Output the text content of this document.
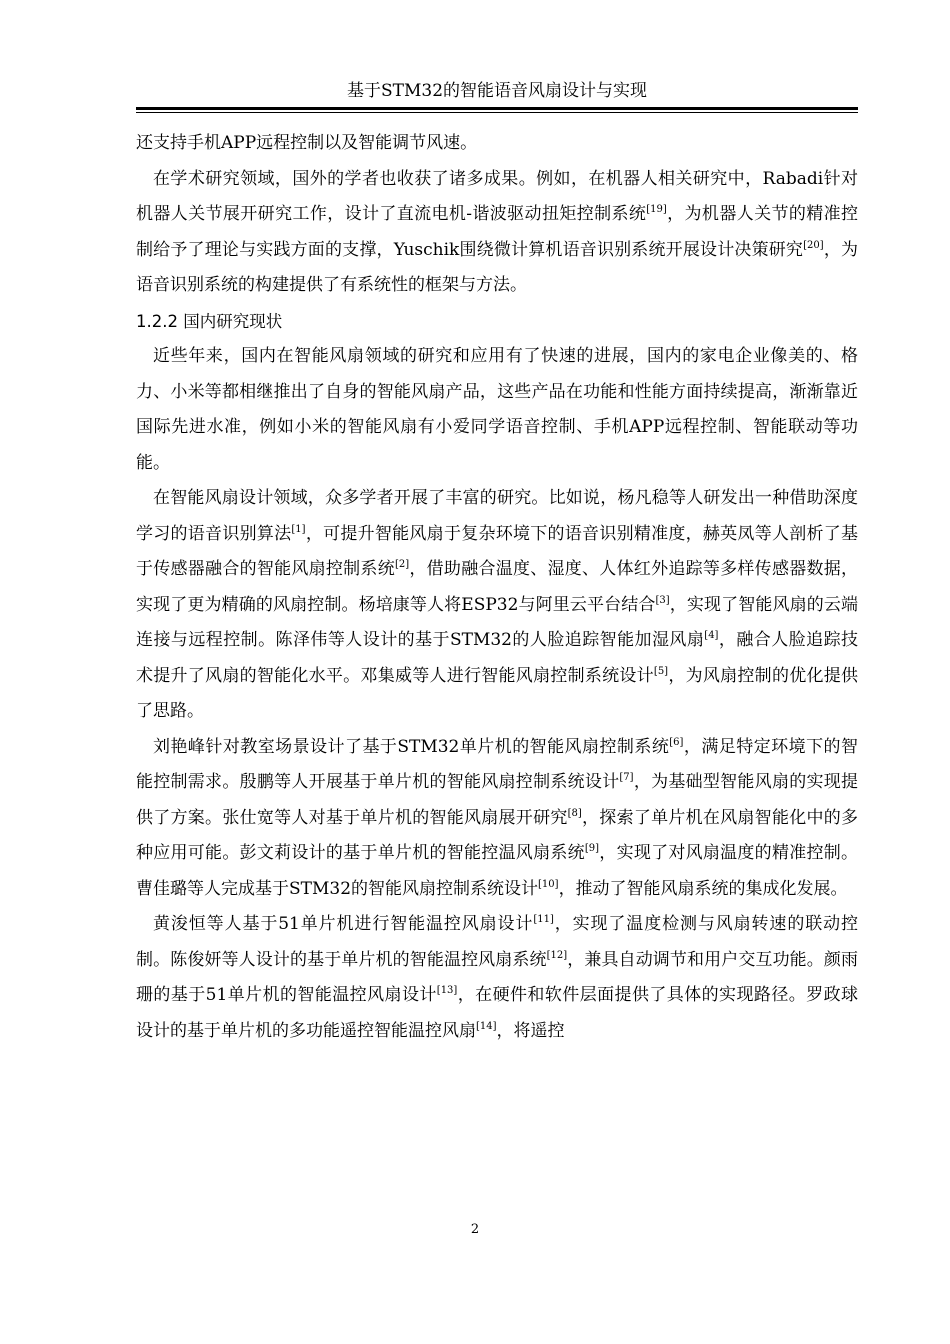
基于STM32的智能语音风扇设计与实现

还支持手机APP远程控制以及智能调节风速。

在学术研究领域，国外的学者也收获了诸多成果。例如，在机器人相关研究中，Rabadi针对机器人关节展开研究工作，设计了直流电机-谐波驱动扭矩控制系统[19]，为机器人关节的精准控制给予了理论与实践方面的支撑，Yuschik围绕微计算机语音识别系统开展设计决策研究[20]，为语音识别系统的构建提供了有系统性的框架与方法。

1.2.2 国内研究现状

近些年来，国内在智能风扇领域的研究和应用有了快速的进展，国内的家电企业像美的、格力、小米等都相继推出了自身的智能风扇产品，这些产品在功能和性能方面持续提高，渐渐靠近国际先进水准，例如小米的智能风扇有小爱同学语音控制、手机APP远程控制、智能联动等功能。

在智能风扇设计领域，众多学者开展了丰富的研究。比如说，杨凡稳等人研发出一种借助深度学习的语音识别算法[1]，可提升智能风扇于复杂环境下的语音识别精准度，赫英凤等人剖析了基于传感器融合的智能风扇控制系统[2]，借助融合温度、湿度、人体红外追踪等多样传感器数据，实现了更为精确的风扇控制。杨培康等人将ESP32与阿里云平台结合[3]，实现了智能风扇的云端连接与远程控制。陈泽伟等人设计的基于STM32的人脸追踪智能加湿风扇[4]，融合人脸追踪技术提升了风扇的智能化水平。邓集威等人进行智能风扇控制系统设计[5]，为风扇控制的优化提供了思路。

刘艳峰针对教室场景设计了基于STM32单片机的智能风扇控制系统[6]，满足特定环境下的智能控制需求。殷鹏等人开展基于单片机的智能风扇控制系统设计[7]，为基础型智能风扇的实现提供了方案。张仕宽等人对基于单片机的智能风扇展开研究[8]，探索了单片机在风扇智能化中的多种应用可能。彭文莉设计的基于单片机的智能控温风扇系统[9]，实现了对风扇温度的精准控制。曹佳璐等人完成基于STM32的智能风扇控制系统设计[10]，推动了智能风扇系统的集成化发展。

黄浚恒等人基于51单片机进行智能温控风扇设计[11]，实现了温度检测与风扇转速的联动控制。陈俊妍等人设计的基于单片机的智能温控风扇系统[12]，兼具自动调节和用户交互功能。颜雨珊的基于51单片机的智能温控风扇设计[13]，在硬件和软件层面提供了具体的实现路径。罗政球设计的基于单片机的多功能遥控智能温控风扇[14]，将遥控

2
